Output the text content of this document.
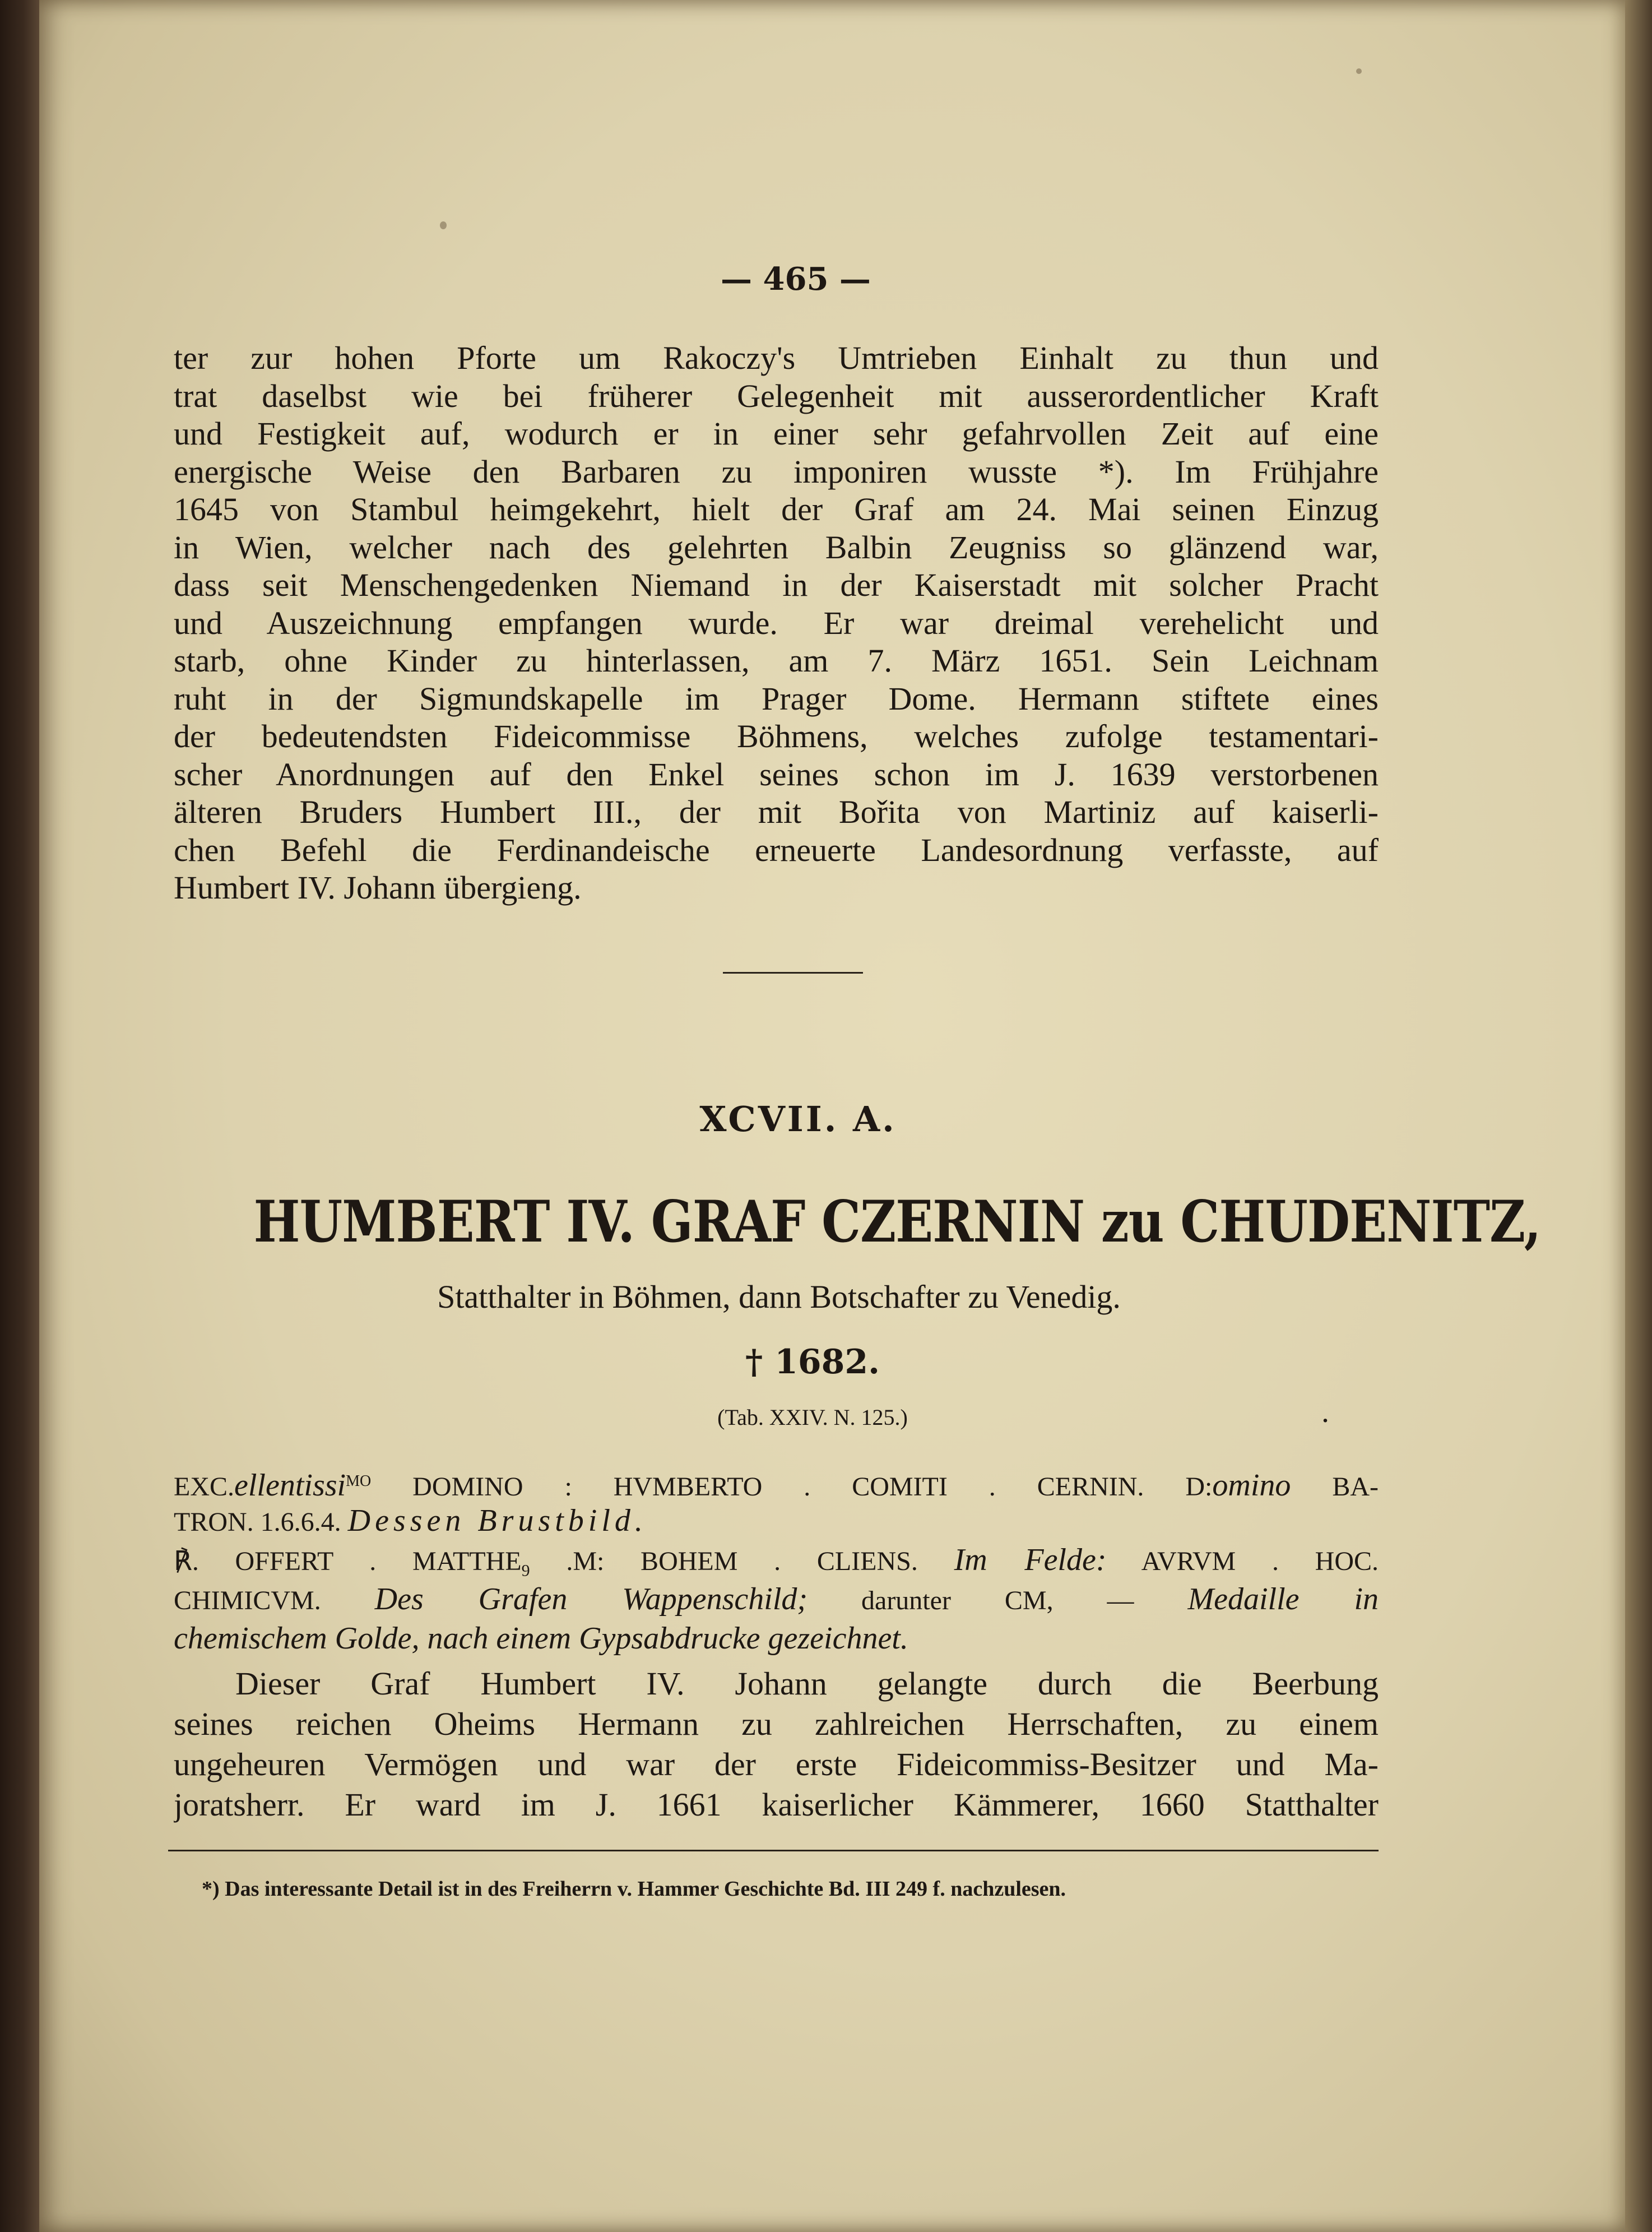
— 465 —
ter zur hohen Pforte um Rakoczy's Umtrieben Einhalt zu thun und
trat daselbst wie bei früherer Gelegenheit mit ausserordentlicher Kraft
und Festigkeit auf, wodurch er in einer sehr gefahrvollen Zeit auf eine
energische Weise den Barbaren zu imponiren wusste *). Im Frühjahre
1645 von Stambul heimgekehrt, hielt der Graf am 24. Mai seinen Einzug
in Wien, welcher nach des gelehrten Balbin Zeugniss so glänzend war,
dass seit Menschengedenken Niemand in der Kaiserstadt mit solcher Pracht
und Auszeichnung empfangen wurde. Er war dreimal verehelicht und
starb, ohne Kinder zu hinterlassen, am 7. März 1651. Sein Leichnam
ruht in der Sigmundskapelle im Prager Dome. Hermann stiftete eines
der bedeutendsten Fideicommisse Böhmens, welches zufolge testamentari-
scher Anordnungen auf den Enkel seines schon im J. 1639 verstorbenen
älteren Bruders Humbert III., der mit Bořita von Martiniz auf kaiserli-
chen Befehl die Ferdinandeische erneuerte Landesordnung verfasste, auf
Humbert IV. Johann übergieng.
XCVII. A.
HUMBERT IV. GRAF CZERNIN zu CHUDENITZ,
Statthalter in Böhmen, dann Botschafter zu Venedig.
† 1682.
(Tab. XXIV. N. 125.)	.
EXC.ellentissi$^{MO}$ DOMINO : HVMBERTO . COMITI . CERNIN. D:omino BA-
TRON. 1.6.6.4. Dessen Brustbild.
℟. OFFERT . $MATTHE_9$ .M: BOHEM . CLIENS. Im Felde: AVRVM . HOC.
CHIMICVM. Des Grafen Wappenschild; darunter CM, — Medaille in
chemischem Golde, nach einem Gypsabdrucke gezeichnet.
Dieser Graf Humbert IV. Johann gelangte durch die Beerbung
seines reichen Oheims Hermann zu zahlreichen Herrschaften, zu einem
ungeheuren Vermögen und war der erste Fideicommiss-Besitzer und Ma-
joratsherr. Er ward im J. 1661 kaiserlicher Kämmerer, 1660 Statthalter
*) Das interessante Detail ist in des Freiherrn v. Hammer Geschichte Bd. III 249 f. nachzulesen.
